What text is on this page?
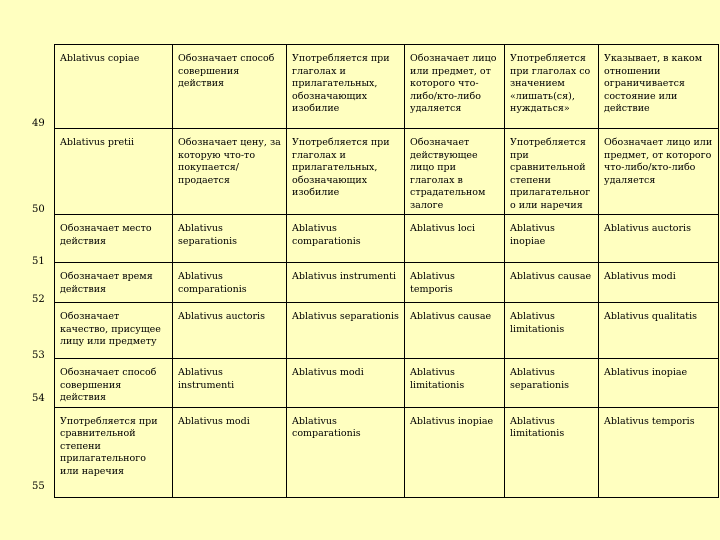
49
50
51
52
53
54
55
Ablativus copiae	Обозначает способ совершения действия	Употребляется при глаголах и прилагательных, обозначающих изобилие	Обозначает лицо или предмет, от которого что-либо/кто-либо удаляется	Употребляется при глаголах со значением «лишать(ся), нуждаться»	Указывает, в каком отношении ограничивается состояние или действие
Ablativus pretii	Обозначает цену, за которую что-то покупается/продается	Употребляется при глаголах и прилагательных, обозначающих изобилие	Обозначает действующее лицо при глаголах в страдательном залоге	Употребляется при сравнительной степени прилагательного или наречия	Обозначает лицо или предмет, от которого что-либо/кто-либо удаляется
Обозначает место действия	Ablativus separationis	Ablativus comparationis	Ablativus loci	Ablativus inopiae	Ablativus auctoris
Обозначает время действия	Ablativus comparationis	Ablativus instrumenti	Ablativus temporis	Ablativus causae	Ablativus modi
Обозначает качество, присущее лицу или предмету	Ablativus auctoris	Ablativus separationis	Ablativus causae	Ablativus limitationis	Ablativus qualitatis
Обозначает способ совершения действия	Ablativus instrumenti	Ablativus modi	Ablativus limitationis	Ablativus separationis	Ablativus inopiae
Употребляется при сравнительной степени прилагательного или наречия	Ablativus modi	Ablativus comparationis	Ablativus inopiae	Ablativus limitationis	Ablativus temporis
